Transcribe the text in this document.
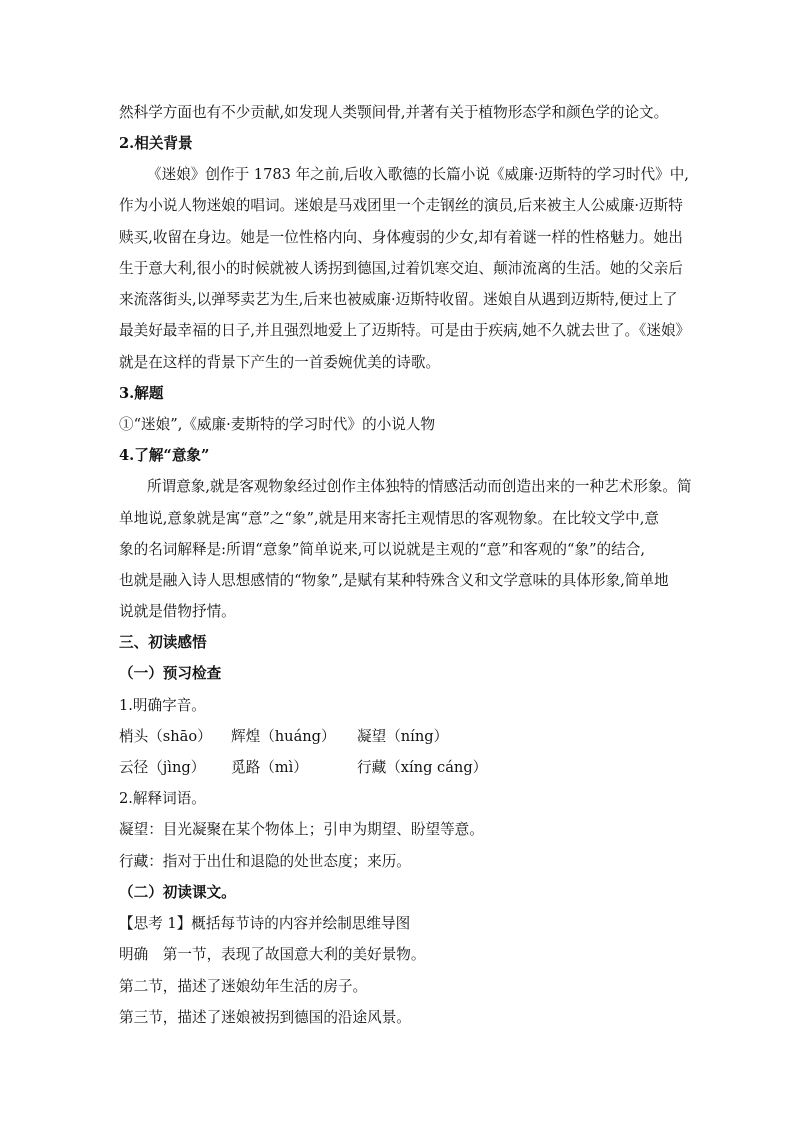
然科学方面也有不少贡献,如发现人类颚间骨,并著有关于植物形态学和颜色学的论文。
2.相关背景
《迷娘》创作于 1783 年之前,后收入歌德的长篇小说《威廉·迈斯特的学习时代》中,
作为小说人物迷娘的唱词。迷娘是马戏团里一个走钢丝的演员,后来被主人公威廉·迈斯特
赎买,收留在身边。她是一位性格内向、身体瘦弱的少女,却有着谜一样的性格魅力。她出
生于意大利,很小的时候就被人诱拐到德国,过着饥寒交迫、颠沛流离的生活。她的父亲后
来流落街头,以弹琴卖艺为生,后来也被威廉·迈斯特收留。迷娘自从遇到迈斯特,便过上了
最美好最幸福的日子,并且强烈地爱上了迈斯特。可是由于疾病,她不久就去世了。《迷娘》
就是在这样的背景下产生的一首委婉优美的诗歌。
3.解题
①“迷娘”,《威廉·麦斯特的学习时代》的小说人物
4.了解“意象”
所谓意象,就是客观物象经过创作主体独特的情感活动而创造出来的一种艺术形象。简
单地说,意象就是寓“意”之“象”,就是用来寄托主观情思的客观物象。在比较文学中,意
象的名词解释是:所谓“意象”简单说来,可以说就是主观的“意”和客观的“象”的结合,
也就是融入诗人思想感情的“物象”,是赋有某种特殊含义和文学意味的具体形象,简单地
说就是借物抒情。
三、初读感悟
（一）预习检查
1.明确字音。
梢头（shāo） 辉煌（huáng） 凝望（níng）
云径（jìng） 觅路（mì）	行藏（xíng cáng）
2.解释词语。
凝望：目光凝聚在某个物体上；引申为期望、盼望等意。
行藏：指对于出仕和退隐的处世态度；来历。
（二）初读课文。
【思考 1】概括每节诗的内容并绘制思维导图
明确　第一节，表现了故国意大利的美好景物。
第二节，描述了迷娘幼年生活的房子。
第三节，描述了迷娘被拐到德国的沿途风景。
